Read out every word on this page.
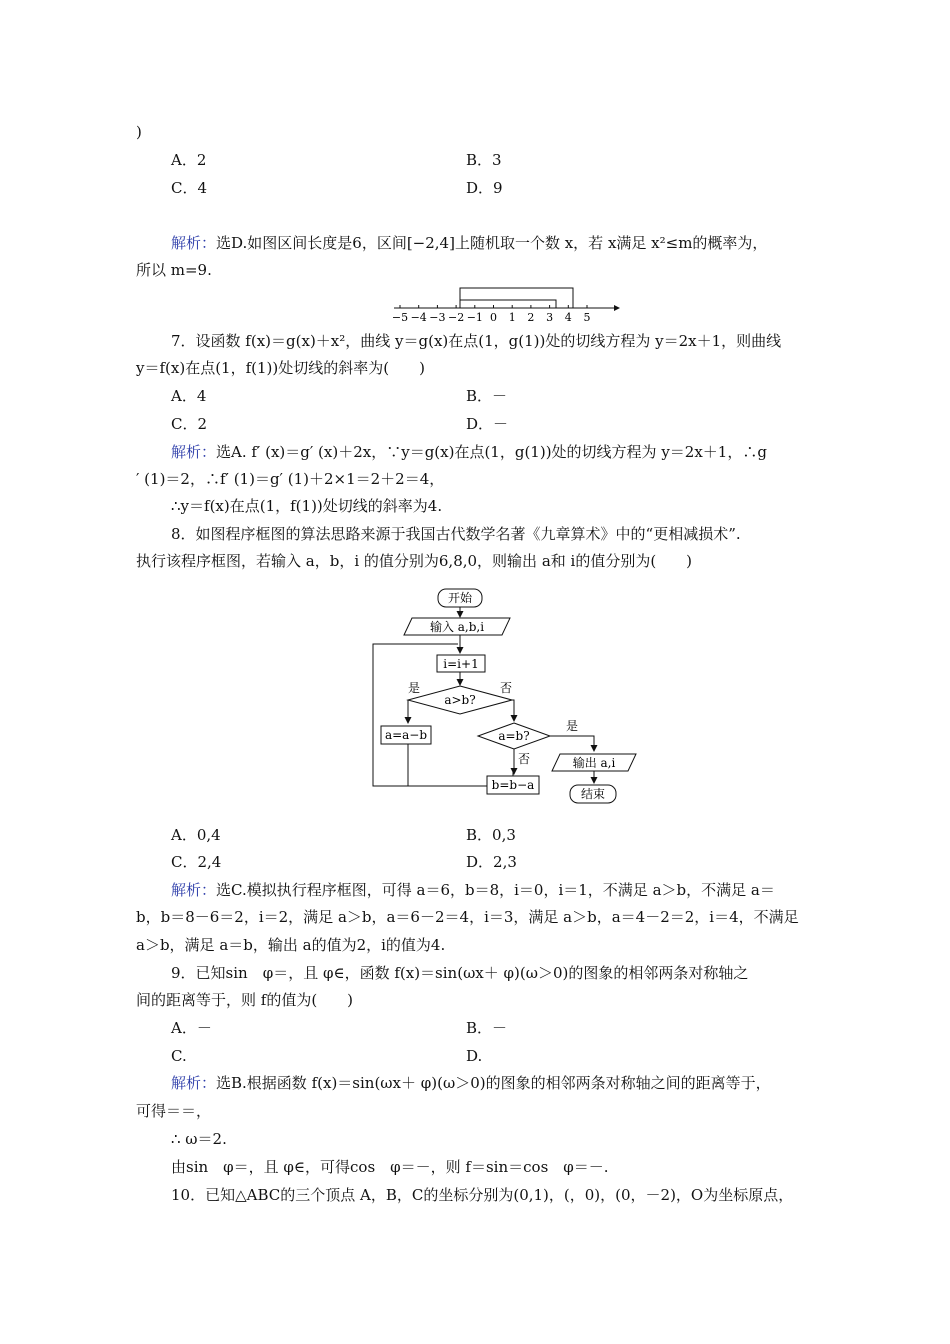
)
A．2	B．3
C．4	D．9
解析：选D.如图区间长度是6，区间[−2,4]上随机取一个数 x，若 x满足 x²≤m的概率为，
所以 m=9.
−5 −4 −3 −2 −1 0 1 2 3 4 5
7．设函数 f(x)＝g(x)＋x²，曲线 y＝g(x)在点(1，g(1))处的切线方程为 y＝2x＋1，则曲线
y＝f(x)在点(1，f(1))处切线的斜率为(　　)
A．4	B．－
C．2	D．－
解析：选A. f′ (x)＝g′ (x)＋2x，∵y＝g(x)在点(1，g(1))处的切线方程为 y＝2x＋1，∴g
′ (1)＝2，∴f′ (1)＝g′ (1)＋2×1＝2＋2＝4，
∴y＝f(x)在点(1，f(1))处切线的斜率为4.
8．如图程序框图的算法思路来源于我国古代数学名著《九章算术》中的“更相减损术”.
执行该程序框图，若输入 a，b，i 的值分别为6,8,0，则输出 a和 i的值分别为(　　)
开始
输入 a,b,i
i=i+1
a>b?
是	否
a=a−b	a=b?
是
否
b=b−a
输出 a,i
结束
A．0,4	B．0,3
C．2,4	D．2,3
解析：选C.模拟执行程序框图，可得 a＝6，b＝8，i＝0，i＝1，不满足 a＞b，不满足 a＝
b，b＝8－6＝2，i＝2，满足 a＞b，a＝6－2＝4，i＝3，满足 a＞b，a＝4－2＝2，i＝4，不满足
a＞b，满足 a＝b，输出 a的值为2，i的值为4.
9．已知sin　φ＝，且 φ∈，函数 f(x)＝sin(ωx＋ φ)(ω＞0)的图象的相邻两条对称轴之
间的距离等于，则 f的值为(　　)
A．－	B．－
C.	D.
解析：选B.根据函数 f(x)＝sin(ωx＋ φ)(ω＞0)的图象的相邻两条对称轴之间的距离等于，
可得＝＝，
∴ ω＝2.
由sin　φ＝，且 φ∈，可得cos　φ＝－，则 f＝sin＝cos　φ＝－.
10．已知△ABC的三个顶点 A，B，C的坐标分别为(0,1)，(，0)，(0，－2)，O为坐标原点，
